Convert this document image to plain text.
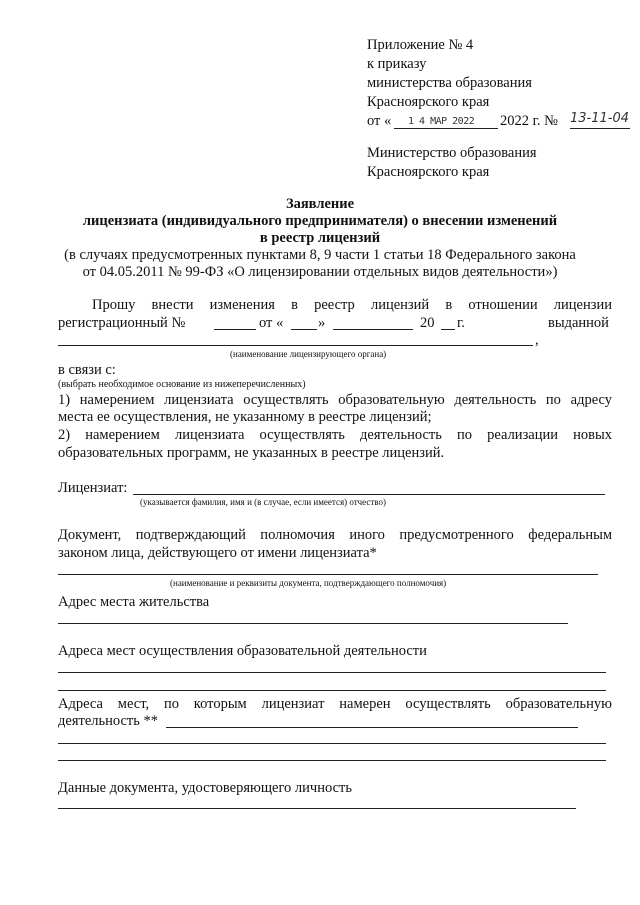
Приложение № 4
к приказу
министерства образования
Красноярского края
от « 1 4 МАР 2022 2022 г. № 13-11-04
Министерство образования
Красноярского края
Заявление
лицензиата (индивидуального предпринимателя) о внесении изменений
в реестр лицензий
(в случаях предусмотренных пунктами 8, 9 части 1 статьи 18 Федерального закона
от 04.05.2011 № 99-ФЗ «О лицензировании отдельных видов деятельности»)
Прошу внести изменения в реестр лицензий в отношении лицензии
регистрационный №	от « »	20 г.	выданной
,
(наименование лицензирующего органа)
в связи с:
(выбрать необходимое основание из нижеперечисленных)
1) намерением лицензиата осуществлять образовательную деятельность по адресу
места ее осуществления, не указанному в реестре лицензий;
2) намерением лицензиата осуществлять деятельность по реализации новых
образовательных программ, не указанных в реестре лицензий.
Лицензиат:
(указывается фамилия, имя и (в случае, если имеется) отчество)
Документ, подтверждающий полномочия иного предусмотренного федеральным
законом лица, действующего от имени лицензиата*
(наименование и реквизиты документа, подтверждающего полномочия)
Адрес места жительства
Адреса мест осуществления образовательной деятельности
Адреса мест, по которым лицензиат намерен осуществлять образовательную
деятельность **
Данные документа, удостоверяющего личность
